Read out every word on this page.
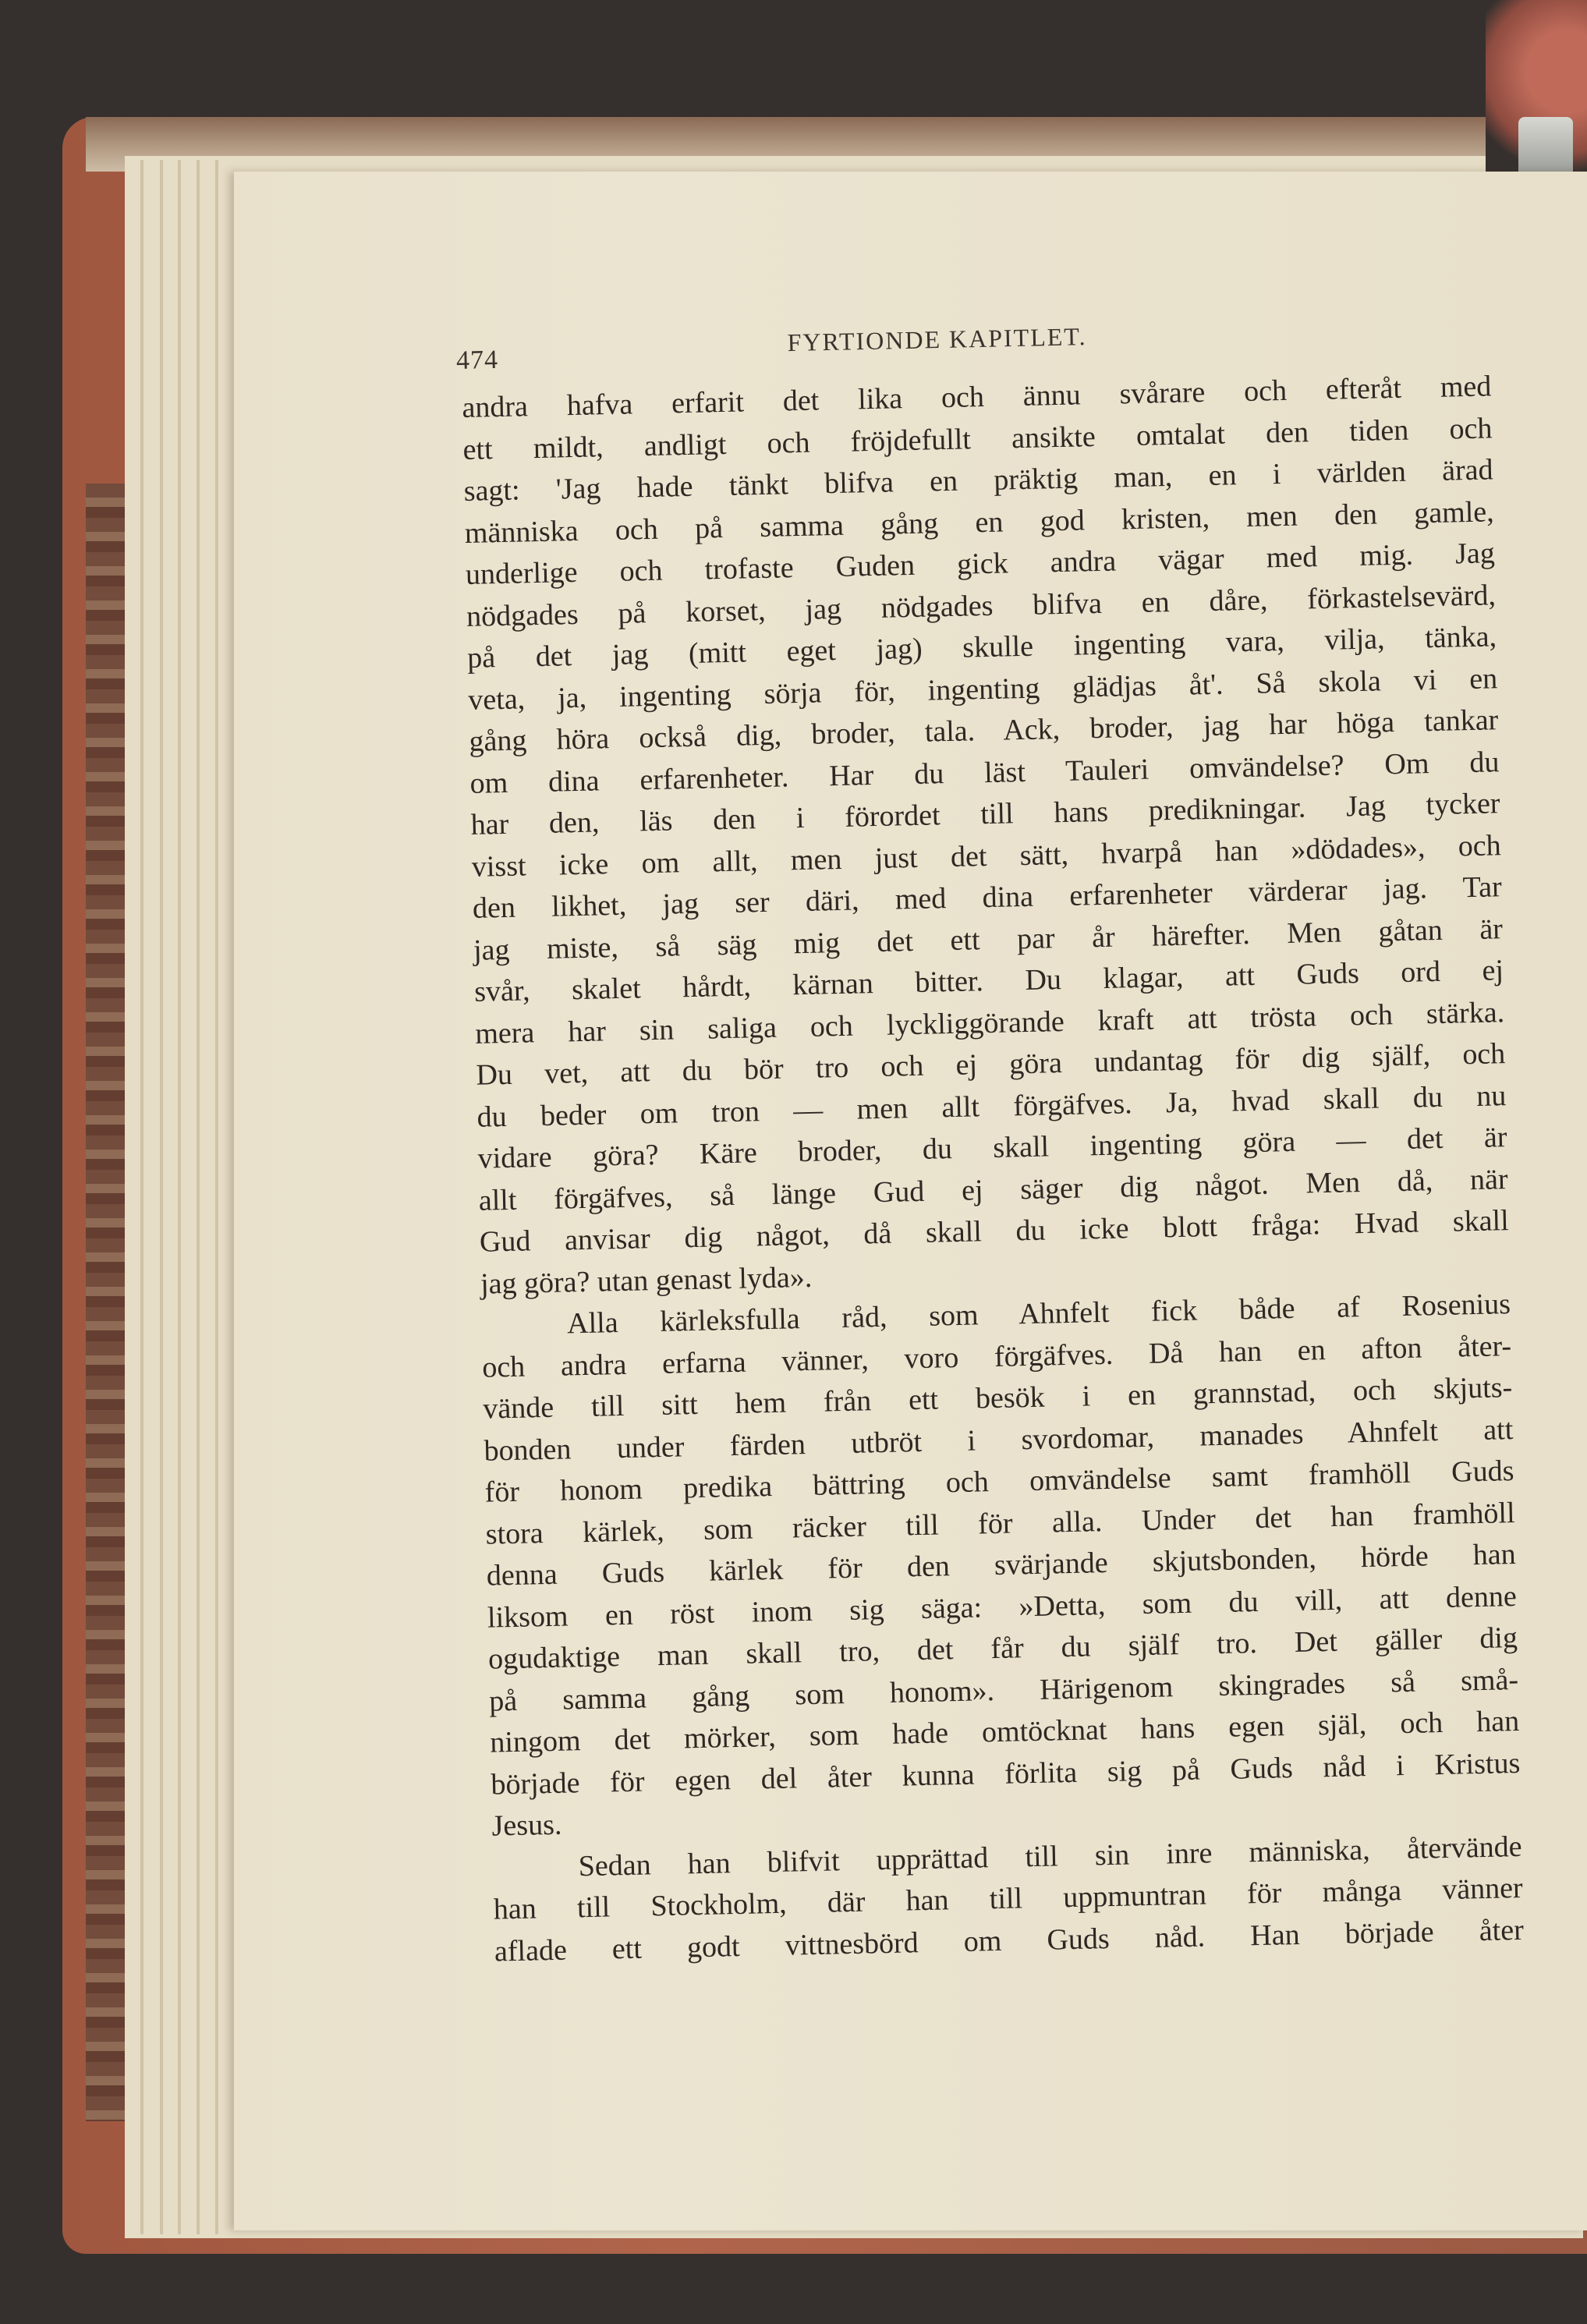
474
FYRTIONDE KAPITLET.
andra hafva erfarit det lika och ännu svårare och efteråt med
ett mildt, andligt och fröjdefullt ansikte omtalat den tiden och
sagt: 'Jag hade tänkt blifva en präktig man, en i världen ärad
människa och på samma gång en god kristen, men den gamle,
underlige och trofaste Guden gick andra vägar med mig. Jag
nödgades på korset, jag nödgades blifva en dåre, förkastelsevärd,
på det jag (mitt eget jag) skulle ingenting vara, vilja, tänka,
veta, ja, ingenting sörja för, ingenting glädjas åt'. Så skola vi en
gång höra också dig, broder, tala. Ack, broder, jag har höga tankar
om dina erfarenheter. Har du läst Tauleri omvändelse? Om du
har den, läs den i förordet till hans predikningar. Jag tycker
visst icke om allt, men just det sätt, hvarpå han »dödades», och
den likhet, jag ser däri, med dina erfarenheter värderar jag. Tar
jag miste, så säg mig det ett par år härefter. Men gåtan är
svår, skalet hårdt, kärnan bitter. Du klagar, att Guds ord ej
mera har sin saliga och lyckliggörande kraft att trösta och stärka.
Du vet, att du bör tro och ej göra undantag för dig själf, och
du beder om tron — men allt förgäfves. Ja, hvad skall du nu
vidare göra? Käre broder, du skall ingenting göra — det är
allt förgäfves, så länge Gud ej säger dig något. Men då, när
Gud anvisar dig något, då skall du icke blott fråga: Hvad skall
jag göra? utan genast lyda».
Alla kärleksfulla råd, som Ahnfelt fick både af Rosenius
och andra erfarna vänner, voro förgäfves. Då han en afton åter-
vände till sitt hem från ett besök i en grannstad, och skjuts-
bonden under färden utbröt i svordomar, manades Ahnfelt att
för honom predika bättring och omvändelse samt framhöll Guds
stora kärlek, som räcker till för alla. Under det han framhöll
denna Guds kärlek för den svärjande skjutsbonden, hörde han
liksom en röst inom sig säga: »Detta, som du vill, att denne
ogudaktige man skall tro, det får du själf tro. Det gäller dig
på samma gång som honom». Härigenom skingrades så små-
ningom det mörker, som hade omtöcknat hans egen själ, och han
började för egen del åter kunna förlita sig på Guds nåd i Kristus
Jesus.
Sedan han blifvit upprättad till sin inre människa, återvände
han till Stockholm, där han till uppmuntran för många vänner
aflade ett godt vittnesbörd om Guds nåd. Han började åter
